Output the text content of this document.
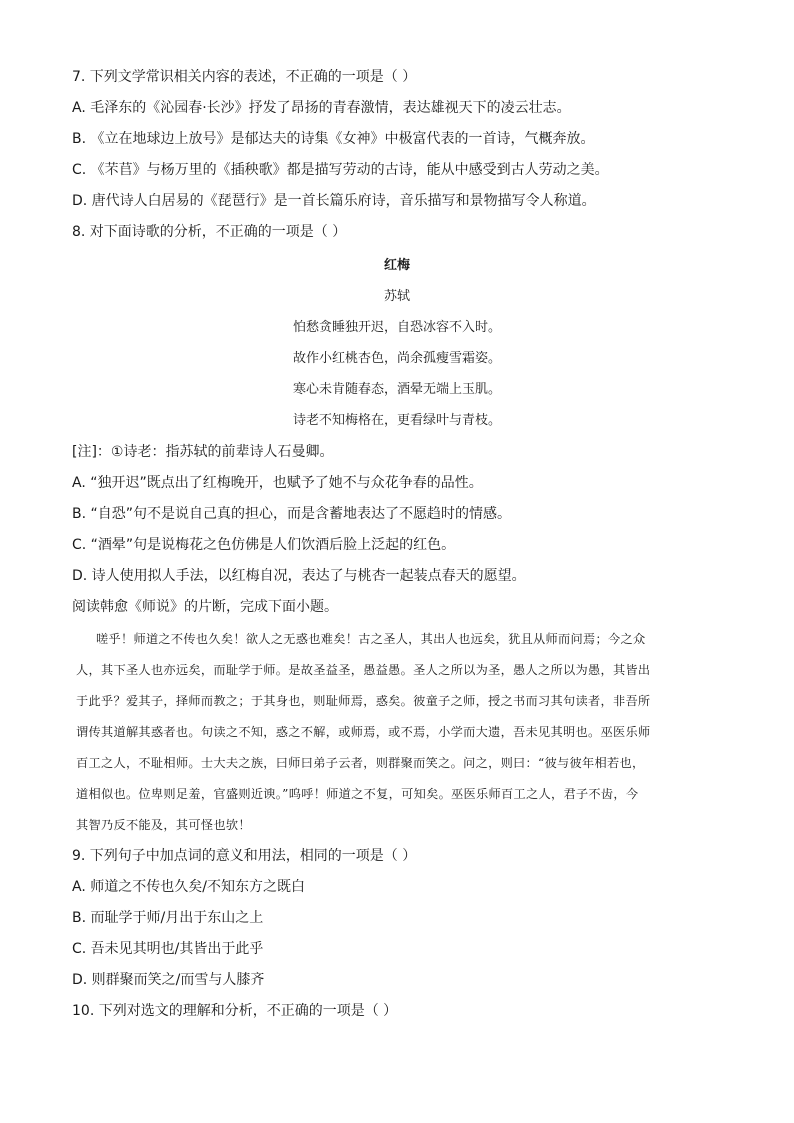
7. 下列文学常识相关内容的表述，不正确的一项是（ ）
A. 毛泽东的《沁园春·长沙》抒发了昂扬的青春激情，表达雄视天下的凌云壮志。
B. 《立在地球边上放号》是郁达夫的诗集《女神》中极富代表的一首诗，气概奔放。
C. 《芣苢》与杨万里的《插秧歌》都是描写劳动的古诗，能从中感受到古人劳动之美。
D. 唐代诗人白居易的《琵琶行》是一首长篇乐府诗，音乐描写和景物描写令人称道。
8. 对下面诗歌的分析，不正确的一项是（ ）
红梅
苏轼
怕愁贪睡独开迟，自恐冰容不入时。
故作小红桃杏色，尚余孤瘦雪霜姿。
寒心未肯随春态，酒晕无端上玉肌。
诗老不知梅格在，更看绿叶与青枝。
[注]：①诗老：指苏轼的前辈诗人石曼卿。
A. “独开迟”既点出了红梅晚开，也赋予了她不与众花争春的品性。
B. “自恐”句不是说自己真的担心，而是含蓄地表达了不愿趋时的情感。
C. “酒晕”句是说梅花之色仿佛是人们饮酒后脸上泛起的红色。
D. 诗人使用拟人手法，以红梅自况，表达了与桃杏一起装点春天的愿望。
阅读韩愈《师说》的片断，完成下面小题。
嗟乎！师道之不传也久矣！欲人之无惑也难矣！古之圣人，其出人也远矣，犹且从师而问焉；今之众
人，其下圣人也亦远矣，而耻学于师。是故圣益圣，愚益愚。圣人之所以为圣，愚人之所以为愚，其皆出
于此乎？爱其子，择师而教之；于其身也，则耻师焉，惑矣。彼童子之师，授之书而习其句读者，非吾所
谓传其道解其惑者也。句读之不知，惑之不解，或师焉，或不焉，小学而大遗，吾未见其明也。巫医乐师
百工之人，不耻相师。士大夫之族，曰师曰弟子云者，则群聚而笑之。问之，则曰：“彼与彼年相若也，
道相似也。位卑则足羞，官盛则近谀。”呜呼！师道之不复，可知矣。巫医乐师百工之人，君子不齿，今
其智乃反不能及，其可怪也欤！
9. 下列句子中加点词的意义和用法，相同的一项是（ ）
A. 师道之不传也久矣/不知东方之既白
B. 而耻学于师/月出于东山之上
C. 吾未见其明也/其皆出于此乎
D. 则群聚而笑之/而雪与人膝齐
10. 下列对选文的理解和分析，不正确的一项是（ ）
